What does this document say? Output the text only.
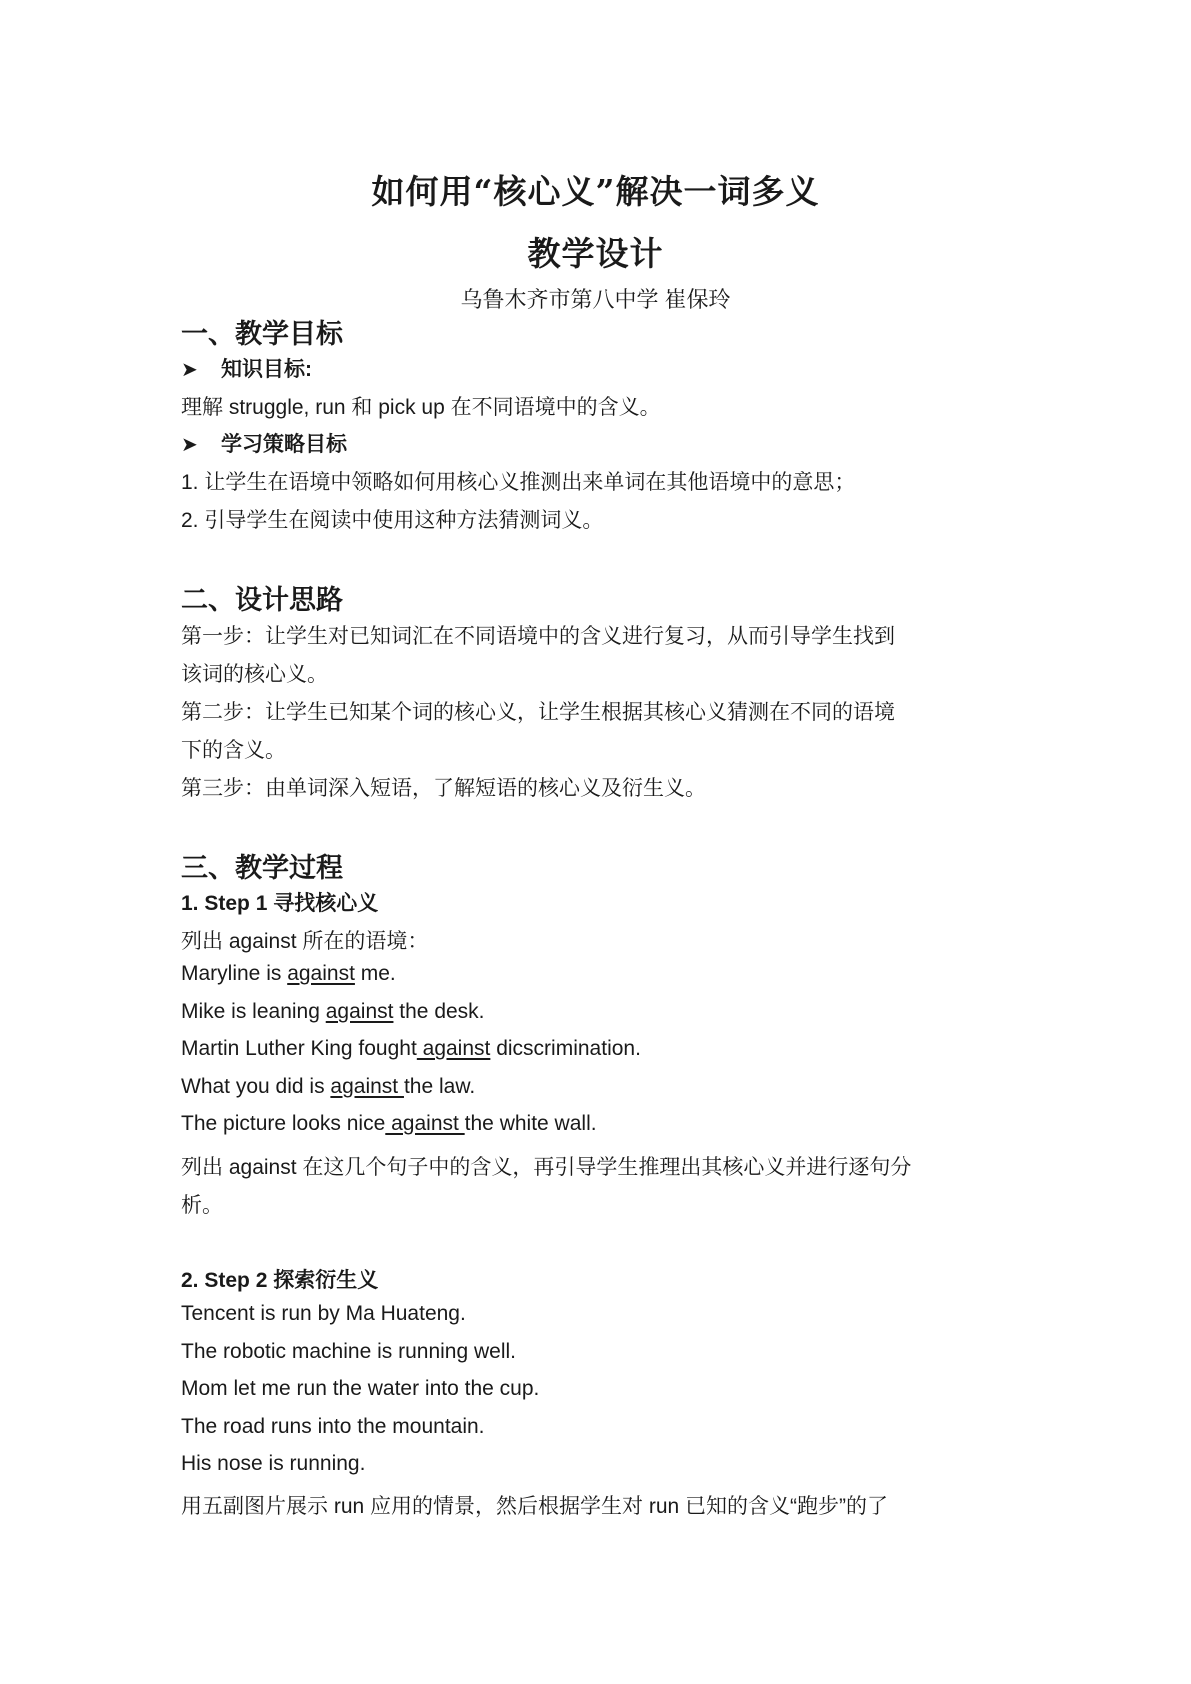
如何用“核心义”解决一词多义
教学设计
乌鲁木齐市第八中学 崔保玲
一、教学目标
➤ 知识目标:
理解 struggle, run 和 pick up 在不同语境中的含义。
➤ 学习策略目标
1. 让学生在语境中领略如何用核心义推测出来单词在其他语境中的意思；
2. 引导学生在阅读中使用这种方法猜测词义。
二、设计思路
第一步：让学生对已知词汇在不同语境中的含义进行复习，从而引导学生找到
该词的核心义。
第二步：让学生已知某个词的核心义，让学生根据其核心义猜测在不同的语境
下的含义。
第三步：由单词深入短语，了解短语的核心义及衍生义。
三、教学过程
1. Step 1 寻找核心义
列出 against 所在的语境：
Maryline is against me.
Mike is leaning against the desk.
Martin Luther King fought against dicscrimination.
What you did is against the law.
The picture looks nice against the white wall.
列出 against 在这几个句子中的含义，再引导学生推理出其核心义并进行逐句分
析。
2. Step 2 探索衍生义
Tencent is run by Ma Huateng.
The robotic machine is running well.
Mom let me run the water into the cup.
The road runs into the mountain.
His nose is running.
用五副图片展示 run 应用的情景，然后根据学生对 run 已知的含义“跑步”的了
